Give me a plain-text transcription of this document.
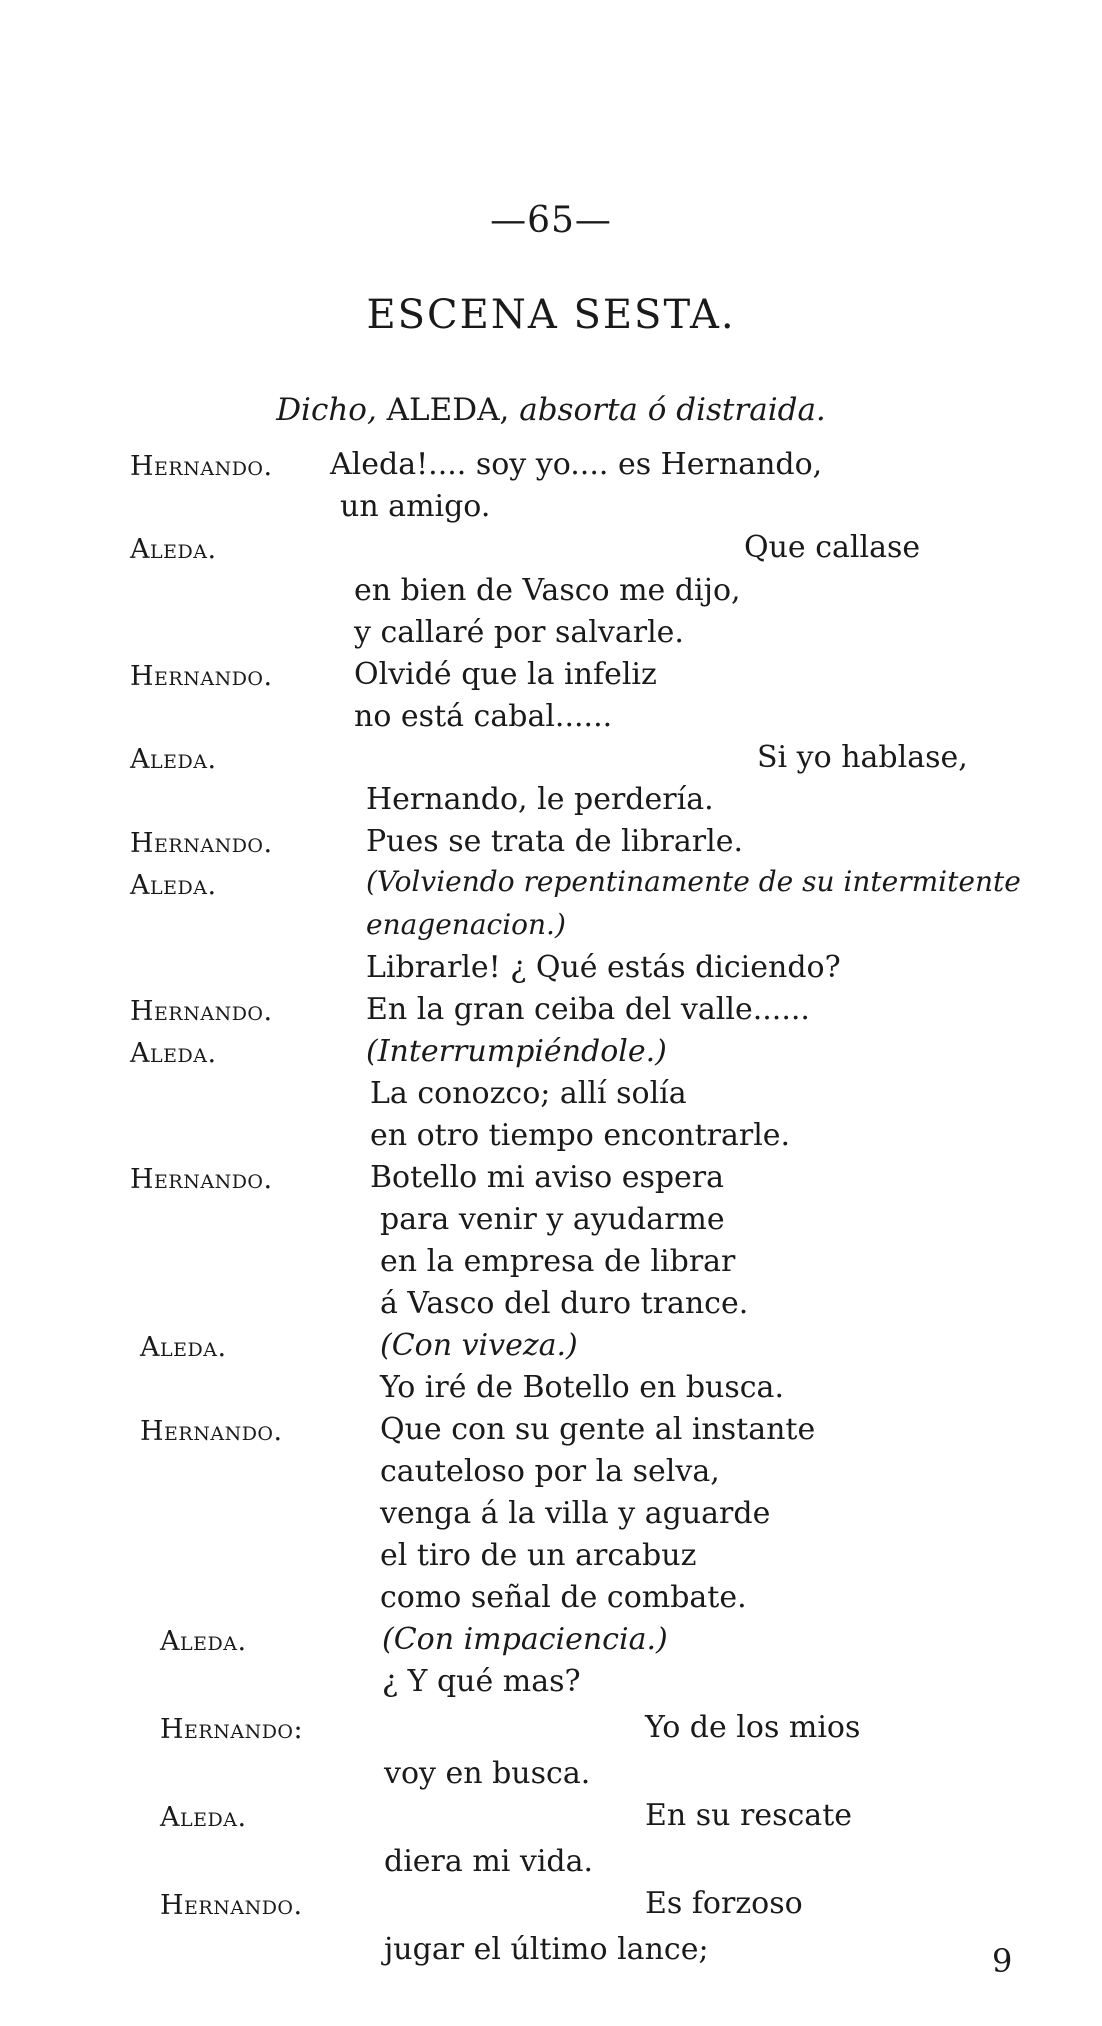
—65—
ESCENA SESTA.
Dicho, ALEDA, absorta ó distraida.
Hernando. Aleda!.... soy yo.... es Hernando,
un amigo.
Aleda.	Que callase
en bien de Vasco me dijo,
y callaré por salvarle.
Hernando.	Olvidé que la infeliz
no está cabal......
Aleda.	Si yo hablase,
Hernando, le perdería.
Hernando.	Pues se trata de librarle.
Aleda.	(Volviendo repentinamente de su intermitente
enagenacion.)
Librarle! ¿ Qué estás diciendo?
Hernando.	En la gran ceiba del valle......
Aleda.	(Interrumpiéndole.)
La conozco; allí solía
en otro tiempo encontrarle.
Hernando.	Botello mi aviso espera
para venir y ayudarme
en la empresa de librar
á Vasco del duro trance.
Aleda.	(Con viveza.)
Yo iré de Botello en busca.
Hernando.	Que con su gente al instante
cauteloso por la selva,
venga á la villa y aguarde
el tiro de un arcabuz
como señal de combate.
Aleda.	(Con impaciencia.)
¿ Y qué mas?
Hernando:	Yo de los mios
voy en busca.
Aleda.	En su rescate
diera mi vida.
Hernando.	Es forzoso
jugar el último lance;	9
